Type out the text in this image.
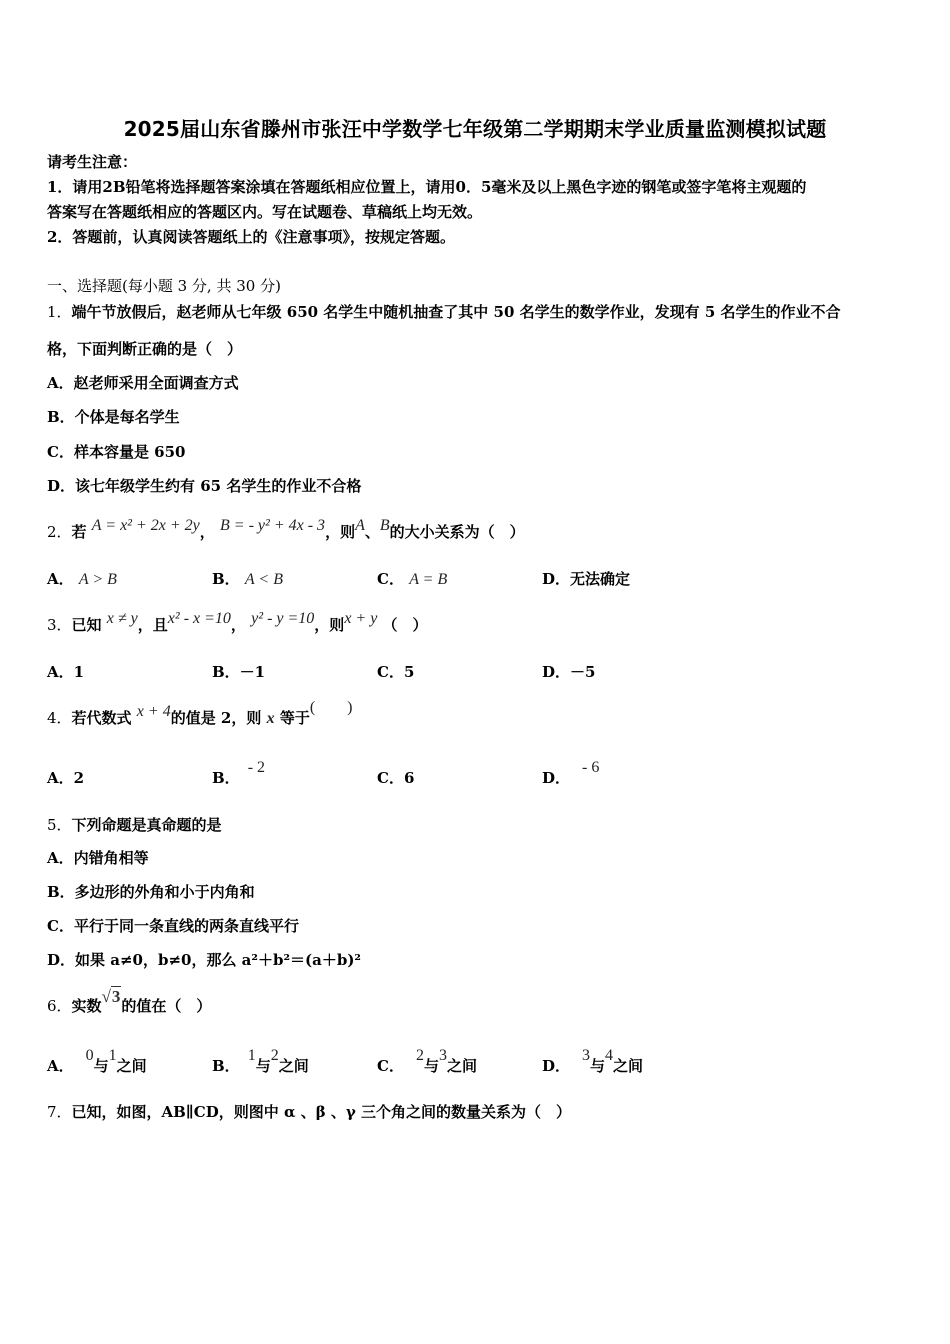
2025届山东省滕州市张汪中学数学七年级第二学期期末学业质量监测模拟试题
请考生注意：
1．请用2B铅笔将选择题答案涂填在答题纸相应位置上，请用0．5毫米及以上黑色字迹的钢笔或签字笔将主观题的
答案写在答题纸相应的答题区内。写在试题卷、草稿纸上均无效。
2．答题前，认真阅读答题纸上的《注意事项》，按规定答题。
一、选择题(每小题 3 分, 共 30 分)
1．端午节放假后，赵老师从七年级 650 名学生中随机抽查了其中 50 名学生的数学作业，发现有 5 名学生的作业不合
格，下面判断正确的是（　）
A．赵老师采用全面调查方式
B．个体是每名学生
C．样本容量是 650
D．该七年级学生约有 65 名学生的作业不合格
2．若 A = x² + 2x + 2y， B = - y² + 4x - 3，则A、B的大小关系为（　）
A． A > B	B． A < B	C． A = B	D．无法确定
3．已知 x ≠ y，且x² - x =10， y² - y =10，则x + y （　）
A．1	B．－1	C．5	D．－5
4．若代数式 x + 4的值是 2，则 x 等于(　　)
A．2	B．- 2
C．6	D．- 6
5．下列命题是真命题的是
A．内错角相等
B．多边形的外角和小于内角和
C．平行于同一条直线的两条直线平行
D．如果 a≠0，b≠0，那么 a²＋b²＝(a＋b)²
6．实数√3的值在（　）
A．0与1之间	B．1与2之间	C．2与3之间	D．3与4之间
7．已知，如图，AB∥CD，则图中 α 、β 、γ 三个角之间的数量关系为（　）
